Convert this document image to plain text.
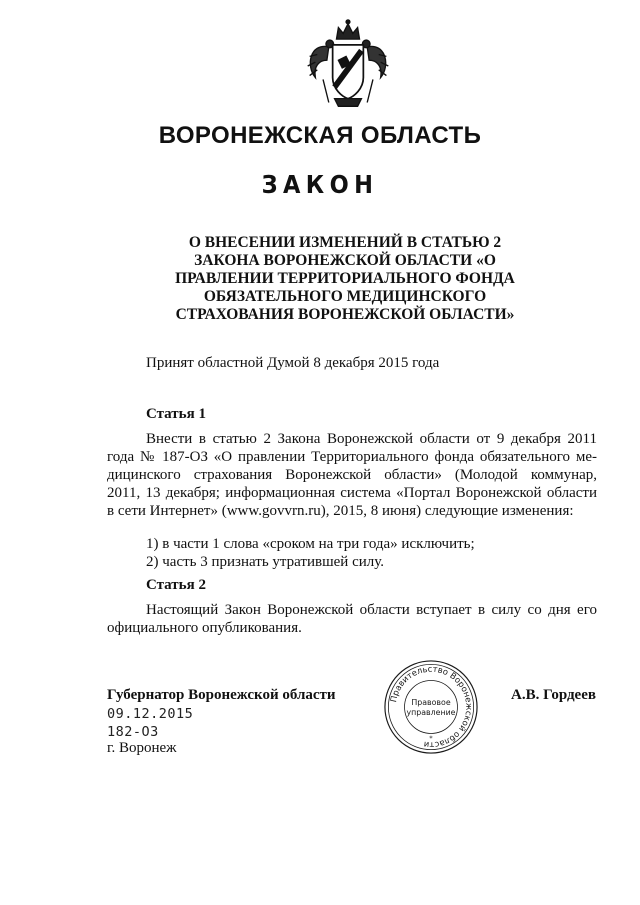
ВОРОНЕЖСКАЯ ОБЛАСТЬ
ЗАКОН
О ВНЕСЕНИИ ИЗМЕНЕНИЙ В СТАТЬЮ 2
ЗАКОНА ВОРОНЕЖСКОЙ ОБЛАСТИ «О
ПРАВЛЕНИИ ТЕРРИТОРИАЛЬНОГО ФОНДА
ОБЯЗАТЕЛЬНОГО МЕДИЦИНСКОГО
СТРАХОВАНИЯ ВОРОНЕЖСКОЙ ОБЛАСТИ»
Принят областной Думой 8 декабря 2015 года
Статья 1
Внести в статью 2 Закона Воронежской области от 9 декабря 2011
года № 187-ОЗ «О правлении Территориального фонда обязательного ме-
дицинского страхования Воронежской области» (Молодой коммунар,
2011, 13 декабря; информационная система «Портал Воронежской области
в сети Интернет» (www.govvrn.ru), 2015, 8 июня) следующие изменения:
1) в части 1 слова «сроком на три года» исключить;
2) часть 3 признать утратившей силу.
Статья 2
Настоящий Закон Воронежской области вступает в силу со дня его
официального опубликования.
Губернатор Воронежской области
09.12.2015
182-ОЗ
г. Воронеж
А.В. Гордеев
Правительство Воронежской области
Правовое
управление
*
